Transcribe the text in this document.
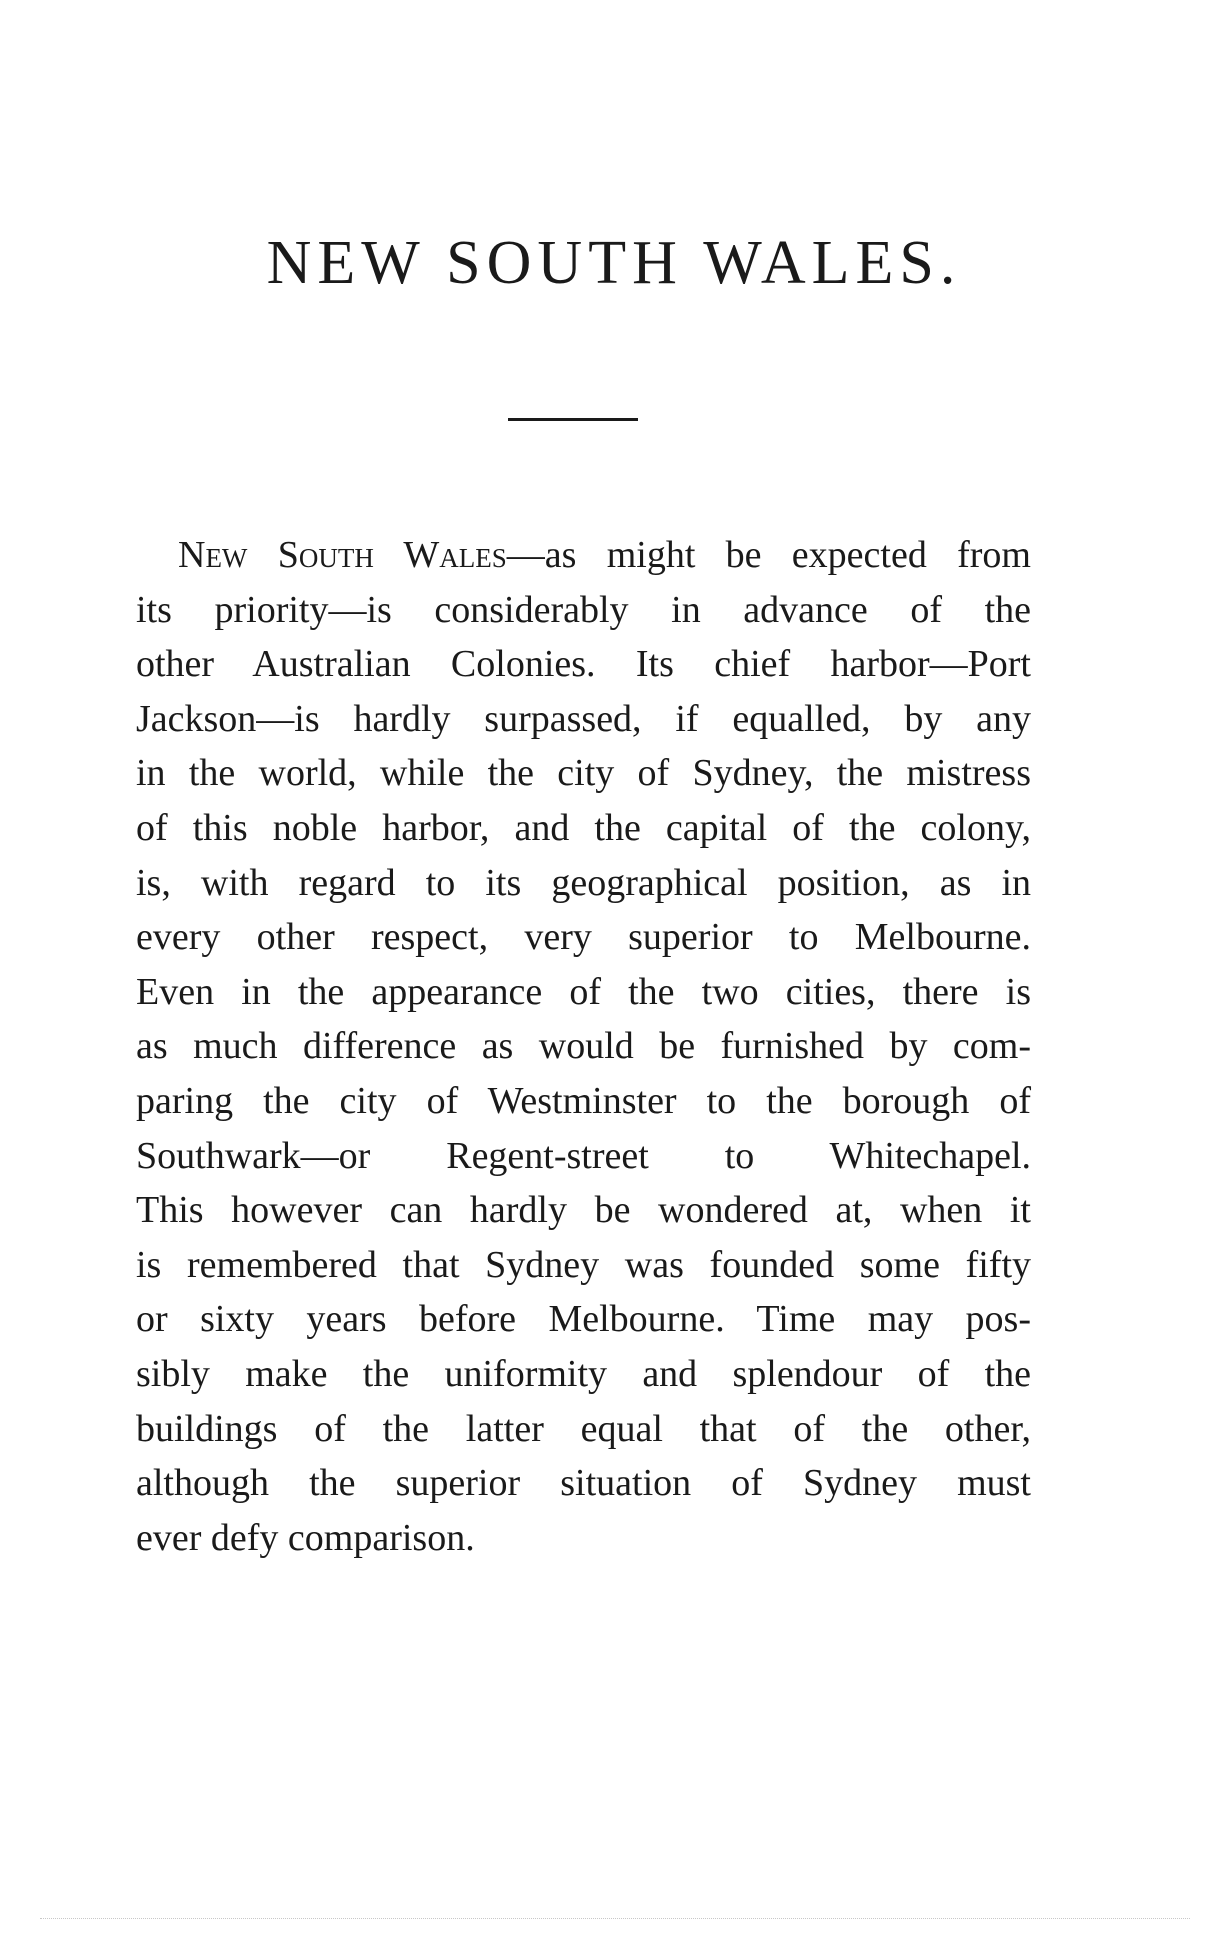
NEW SOUTH WALES.
New South Wales—as might be expected from
its priority—is considerably in advance of the
other Australian Colonies. Its chief harbor—Port
Jackson—is hardly surpassed, if equalled, by any
in the world, while the city of Sydney, the mistress
of this noble harbor, and the capital of the colony,
is, with regard to its geographical position, as in
every other respect, very superior to Melbourne.
Even in the appearance of the two cities, there is
as much difference as would be furnished by com-
paring the city of Westminster to the borough of
Southwark—or Regent-street to Whitechapel.
This however can hardly be wondered at, when it
is remembered that Sydney was founded some fifty
or sixty years before Melbourne. Time may pos-
sibly make the uniformity and splendour of the
buildings of the latter equal that of the other,
although the superior situation of Sydney must
ever defy comparison.
